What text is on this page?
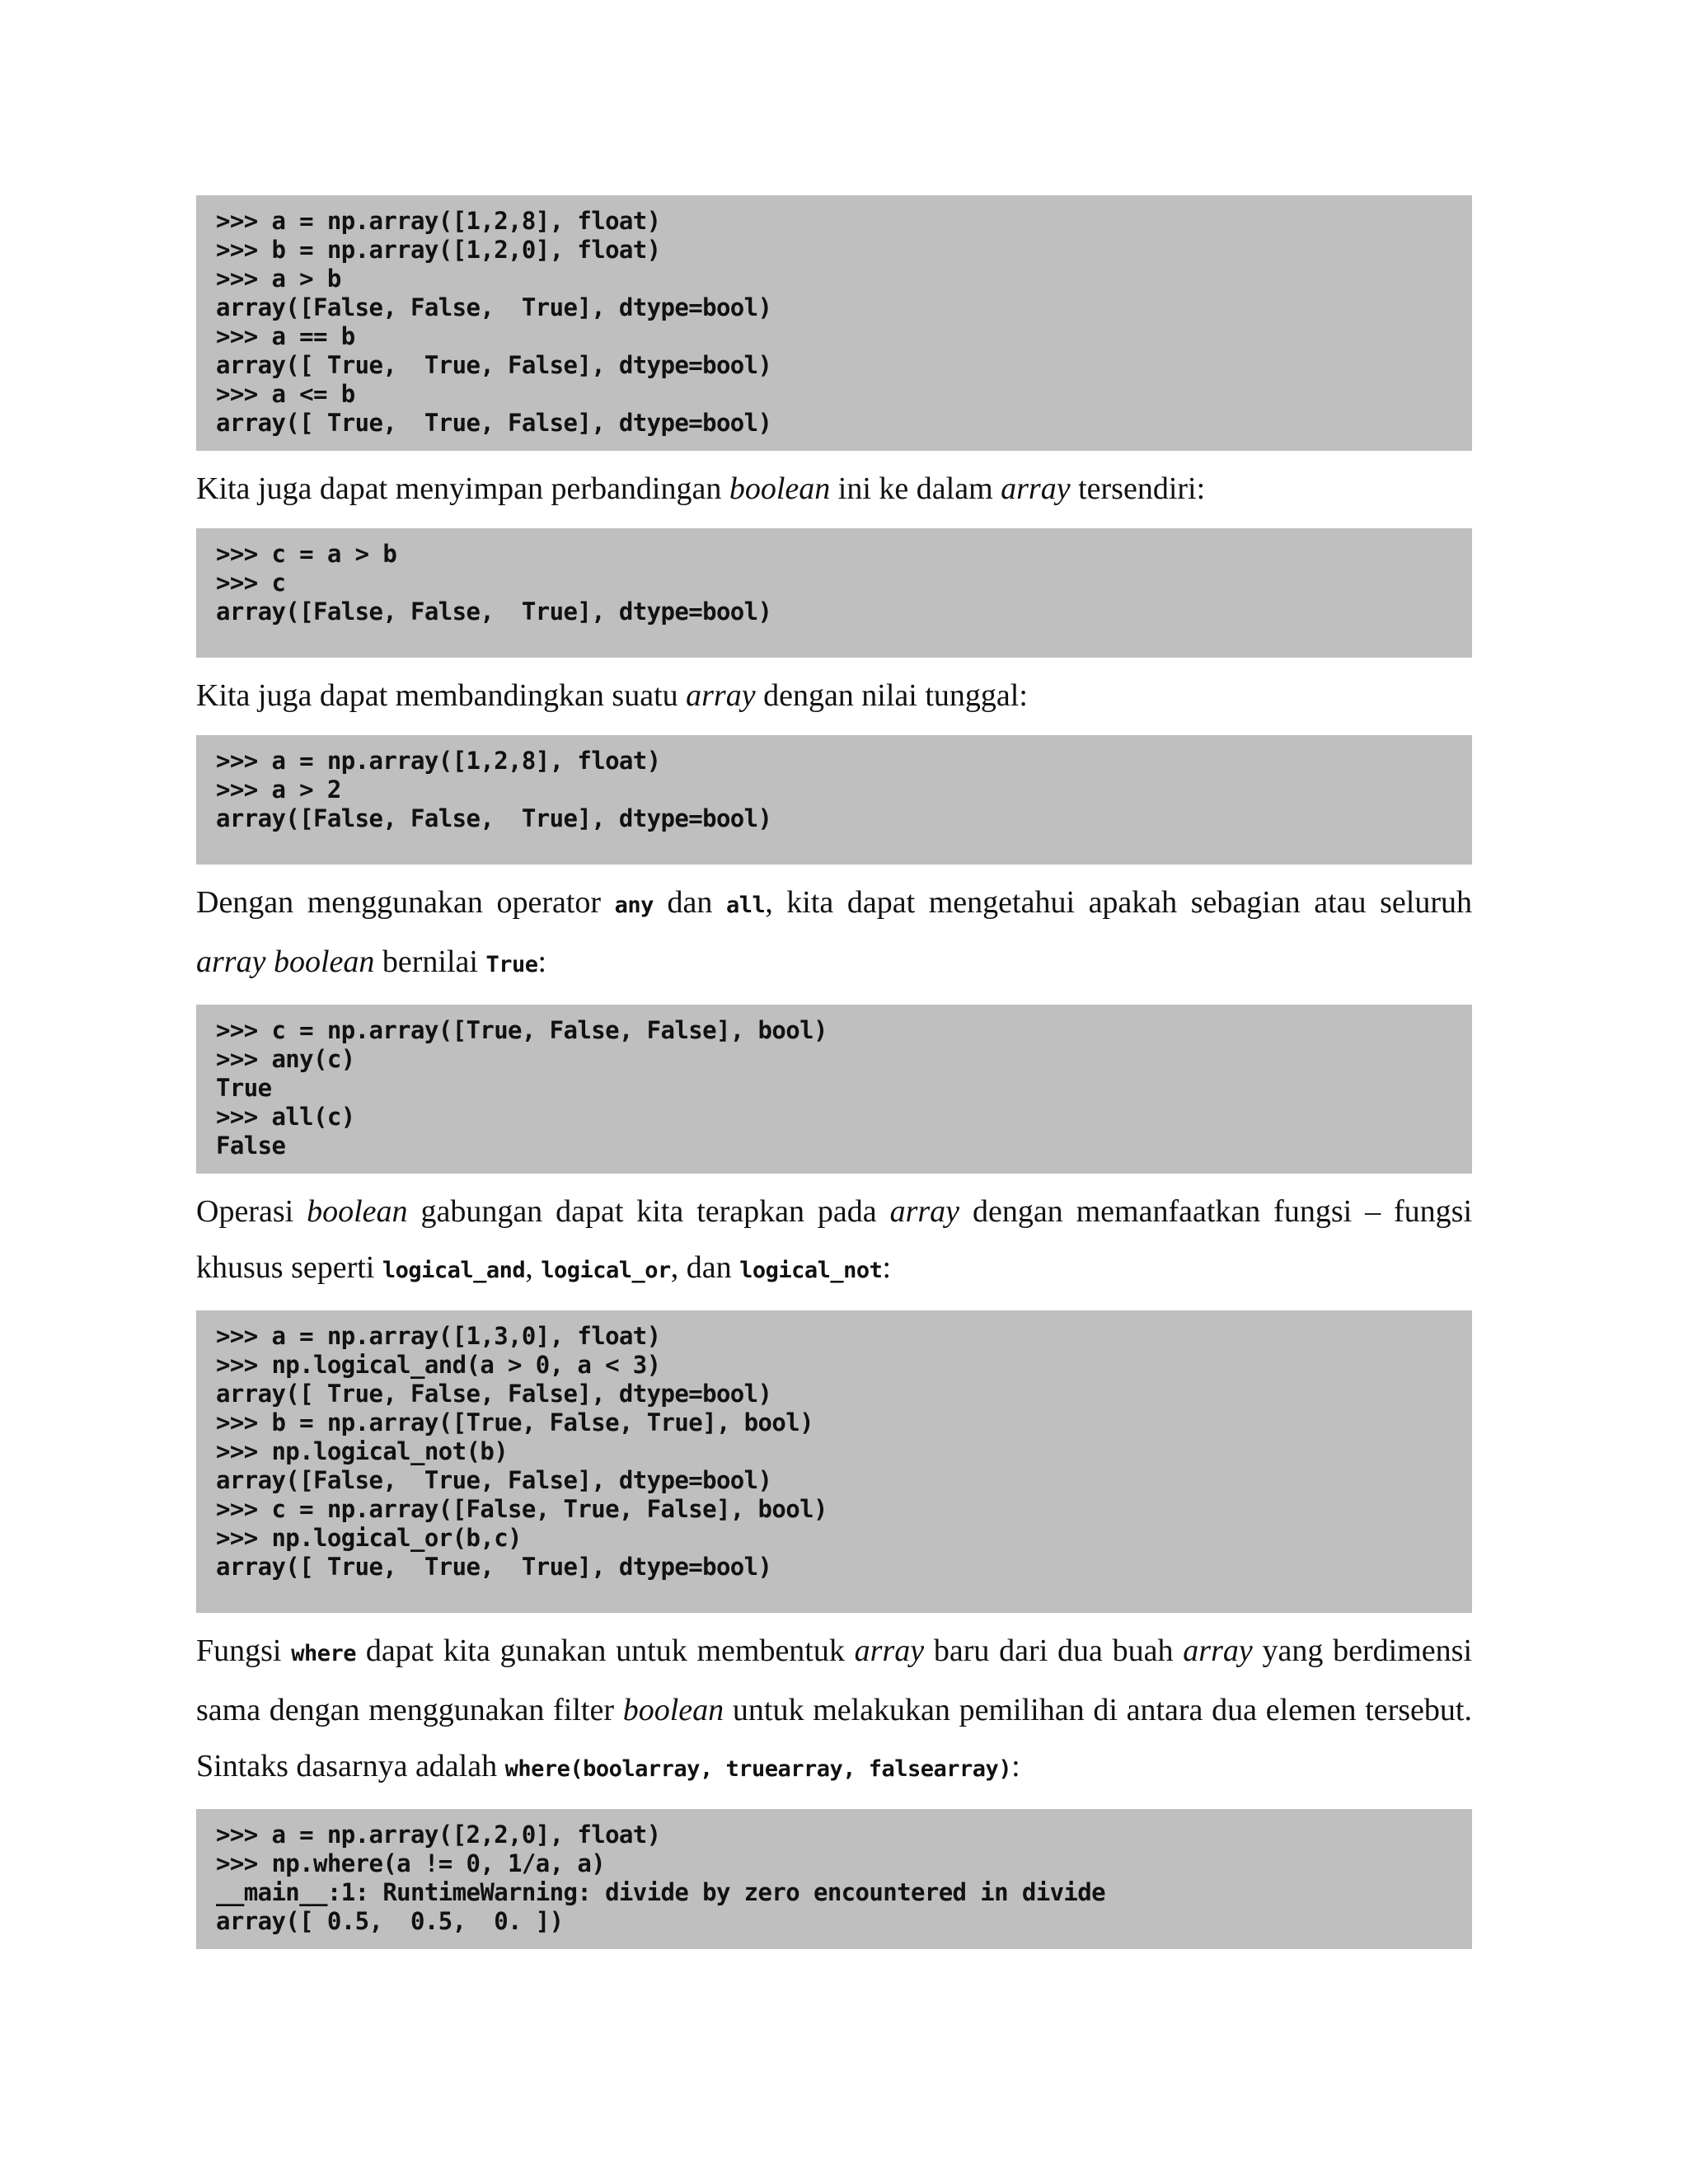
>>> a = np.array([1,2,8], float)
>>> b = np.array([1,2,0], float)
>>> a > b
array([False, False,  True], dtype=bool)
>>> a == b
array([ True,  True, False], dtype=bool)
>>> a <= b
array([ True,  True, False], dtype=bool)

Kita juga dapat menyimpan perbandingan boolean ini ke dalam array tersendiri:

>>> c = a > b
>>> c
array([False, False,  True], dtype=bool)

Kita juga dapat membandingkan suatu array dengan nilai tunggal:

>>> a = np.array([1,2,8], float)
>>> a > 2
array([False, False,  True], dtype=bool)

Dengan menggunakan operator any dan all, kita dapat mengetahui apakah sebagian atau seluruh array boolean bernilai True:

>>> c = np.array([True, False, False], bool)
>>> any(c)
True
>>> all(c)
False

Operasi boolean gabungan dapat kita terapkan pada array dengan memanfaatkan fungsi – fungsi khusus seperti logical_and, logical_or, dan logical_not:

>>> a = np.array([1,3,0], float)
>>> np.logical_and(a > 0, a < 3)
array([ True, False, False], dtype=bool)
>>> b = np.array([True, False, True], bool)
>>> np.logical_not(b)
array([False,  True, False], dtype=bool)
>>> c = np.array([False, True, False], bool)
>>> np.logical_or(b,c)
array([ True,  True,  True], dtype=bool)

Fungsi where dapat kita gunakan untuk membentuk array baru dari dua buah array yang berdimensi sama dengan menggunakan filter boolean untuk melakukan pemilihan di antara dua elemen tersebut. Sintaks dasarnya adalah where(boolarray, truearray, falsearray):

>>> a = np.array([2,2,0], float)
>>> np.where(a != 0, 1/a, a)
__main__:1: RuntimeWarning: divide by zero encountered in divide
array([ 0.5,  0.5,  0. ])
